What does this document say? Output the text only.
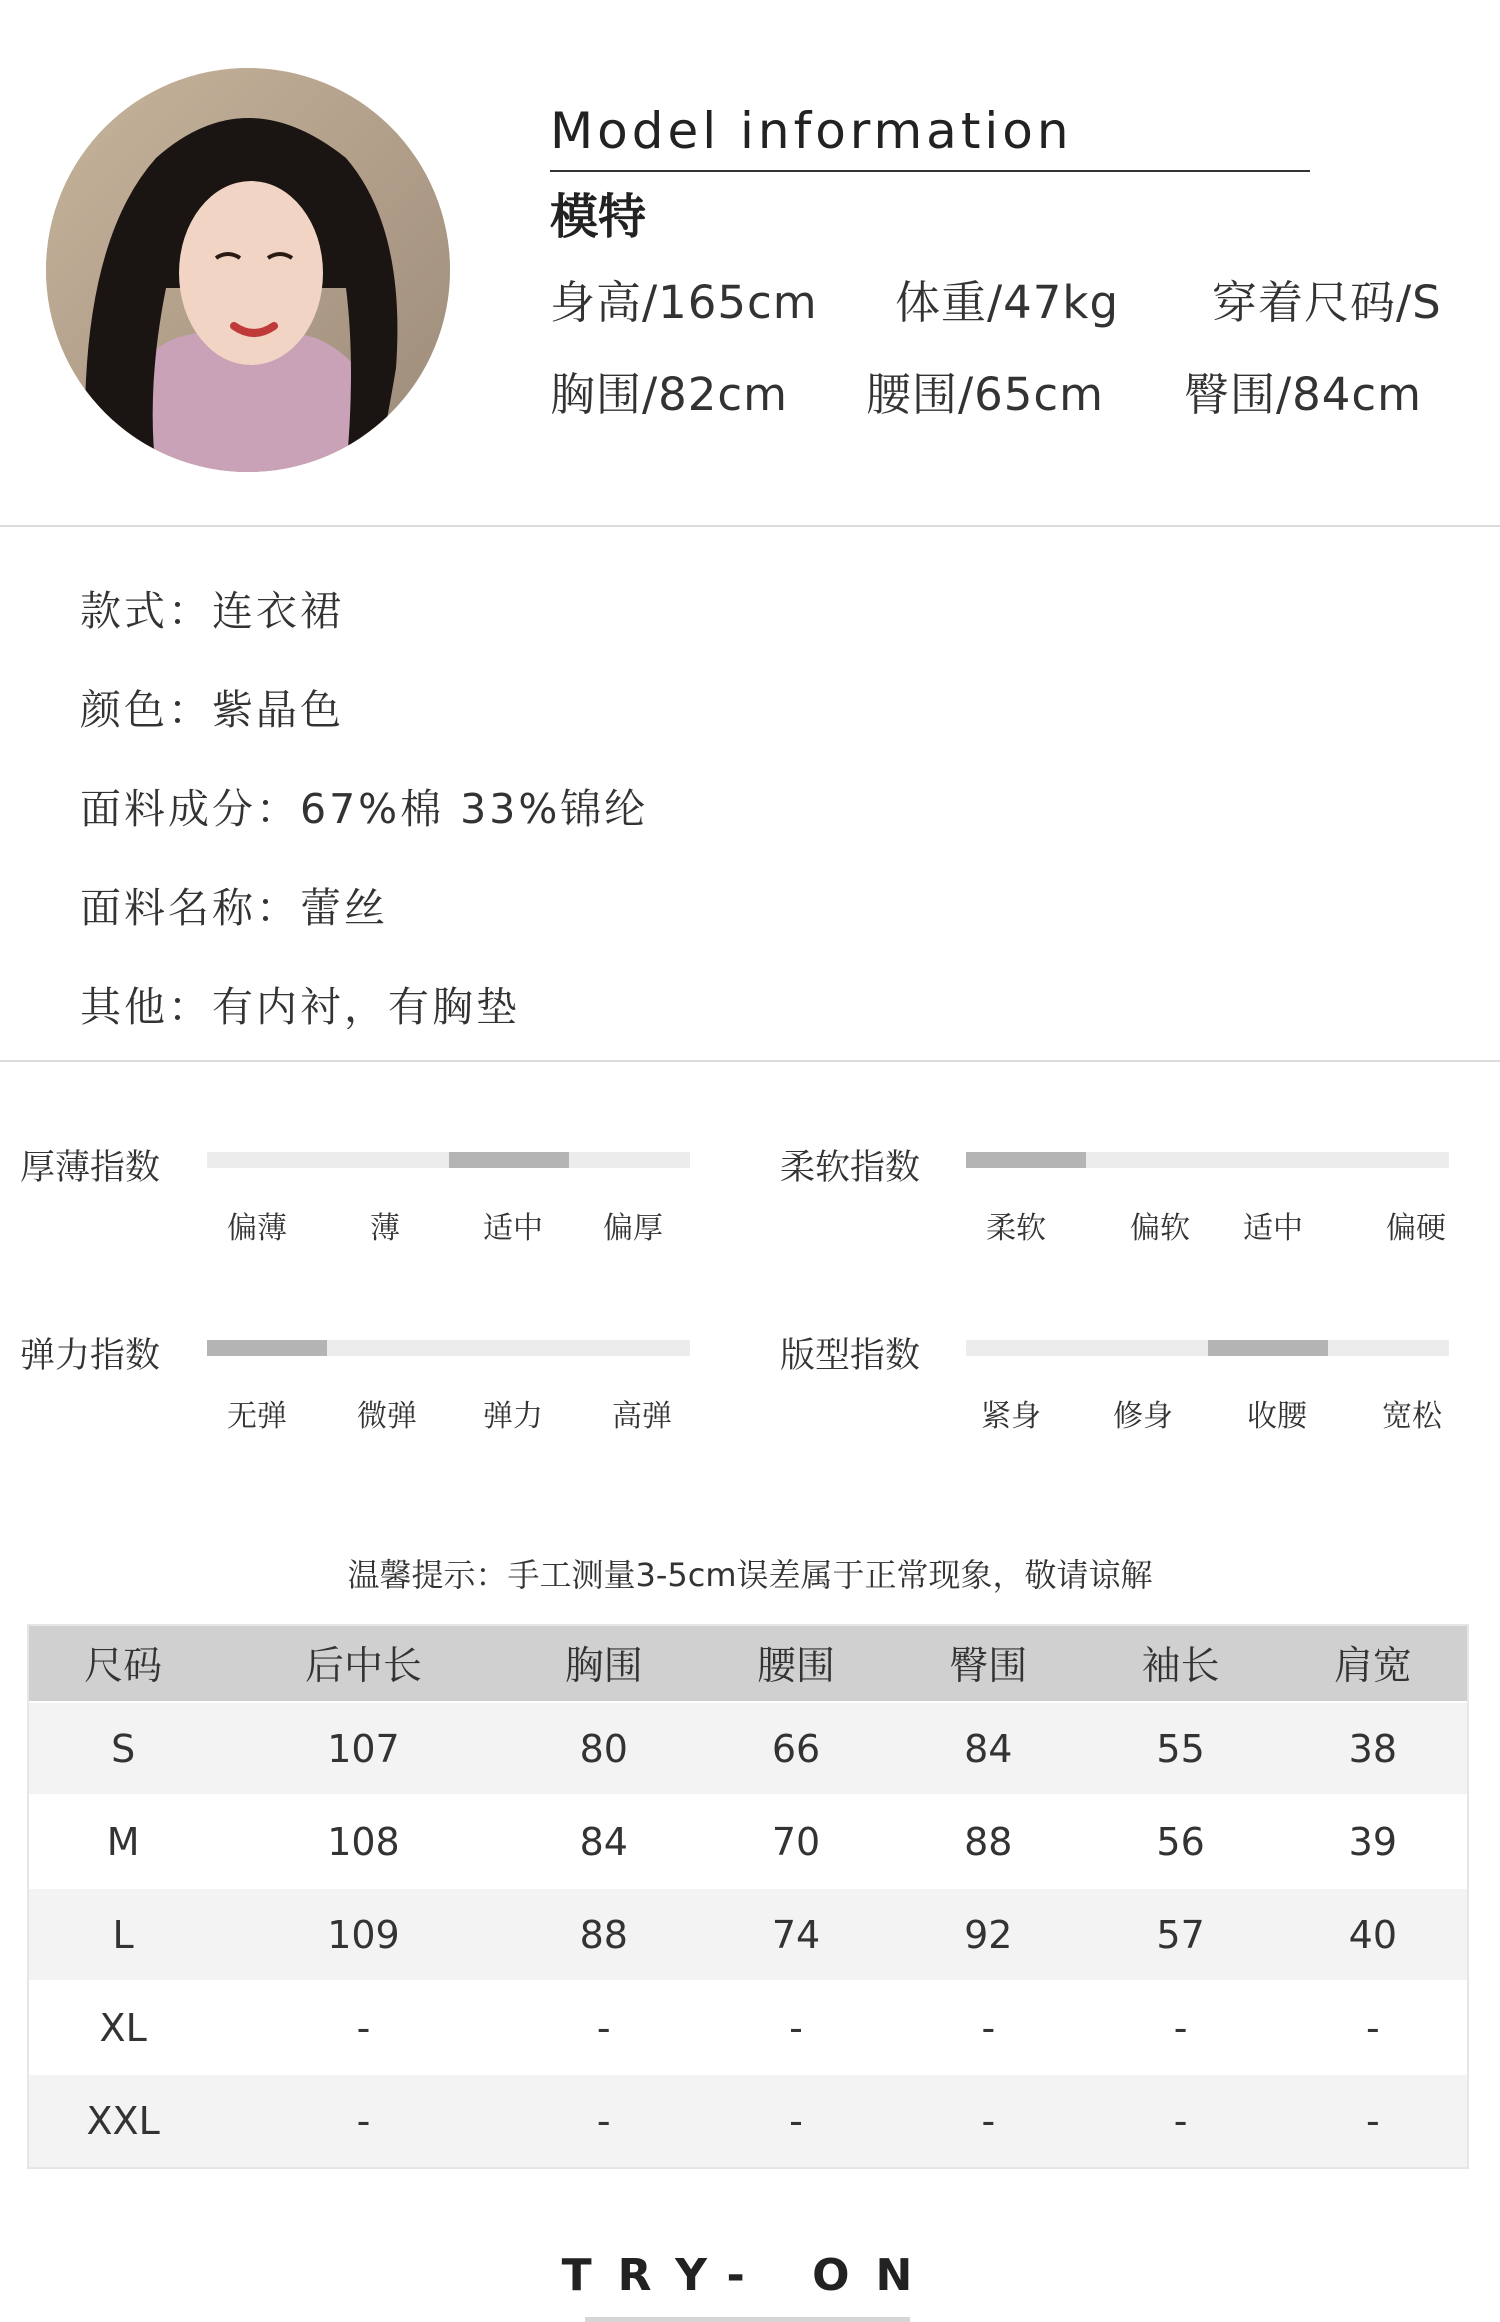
Model information
模特
身高/165cm 体重/47kg 穿着尺码/S
胸围/82cm 腰围/65cm 臀围/84cm
款式：连衣裙
颜色：紫晶色
面料成分：67%棉 33%锦纶
面料名称：蕾丝
其他：有内衬，有胸垫
厚薄指数
偏薄	薄	适中 偏厚
柔软指数
柔软	偏软 适中	偏硬
弹力指数
无弹 微弹 弹力 高弹
版型指数
紧身 修身 收腰	宽松
温馨提示：手工测量3-5cm误差属于正常现象，敬请谅解
尺码	后中长	胸围	腰围	臀围	袖长	肩宽
S	107	80	66	84	55	38
M	108	84	70	88	56	39
L	109	88	74	92	57	40
XL	-	-	-	-	-	-
XXL	-	-	-	-	-	-
TRY- ON
